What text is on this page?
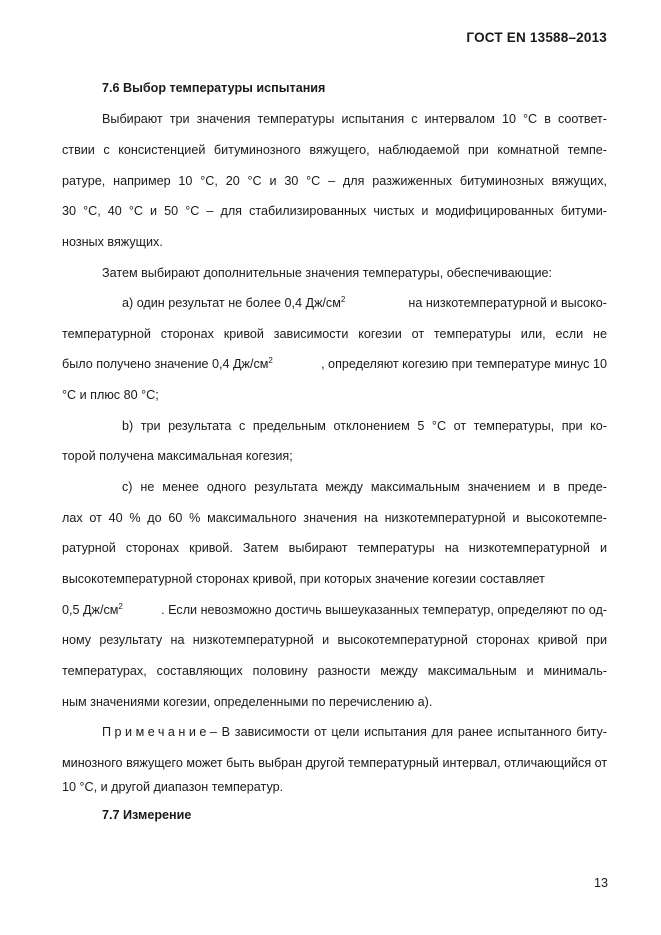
ГОСТ EN 13588–2013
7.6 Выбор температуры испытания
Выбирают три значения температуры испытания с интервалом 10 °С в соответ-
ствии с консистенцией битуминозного вяжущего, наблюдаемой при комнатной темпе-
ратуре, например 10 °С, 20 °С и 30 °С – для разжиженных битуминозных вяжущих,
30 °С, 40 °С и 50 °С – для стабилизированных чистых и модифицированных битуми-
нозных вяжущих.
Затем выбирают дополнительные значения температуры, обеспечивающие:
а) один результат не более 0,4 $Дж/см^2$	на низкотемпературной и высоко-
температурной сторонах кривой зависимости когезии от температуры или, если не
было получено значение 0,4 $Дж/см^2$	, определяют когезию при температуре минус 10
°С и плюс 80 °С;
b) три результата с предельным отклонением 5 °С от температуры, при ко-
торой получена максимальная когезия;
c) не менее одного результата между максимальным значением и в преде-
лах от 40 % до 60 % максимального значения на низкотемпературной и высокотемпе-
ратурной сторонах кривой. Затем выбирают температуры на низкотемпературной и
высокотемпературной сторонах кривой, при которых значение когезии составляет
0,5 $Дж/см^2$	. Если невозможно достичь вышеуказанных температур, определяют по од-
ному результату на низкотемпературной и высокотемпературной сторонах кривой при
температурах, составляющих половину разности между максимальным и минималь-
ным значениями когезии, определенными по перечислению а).
Примечание – В зависимости от цели испытания для ранее испытанного биту-
минозного вяжущего может быть выбран другой температурный интервал, отличающийся от
10 °С, и другой диапазон температур.
7.7 Измерение
13
